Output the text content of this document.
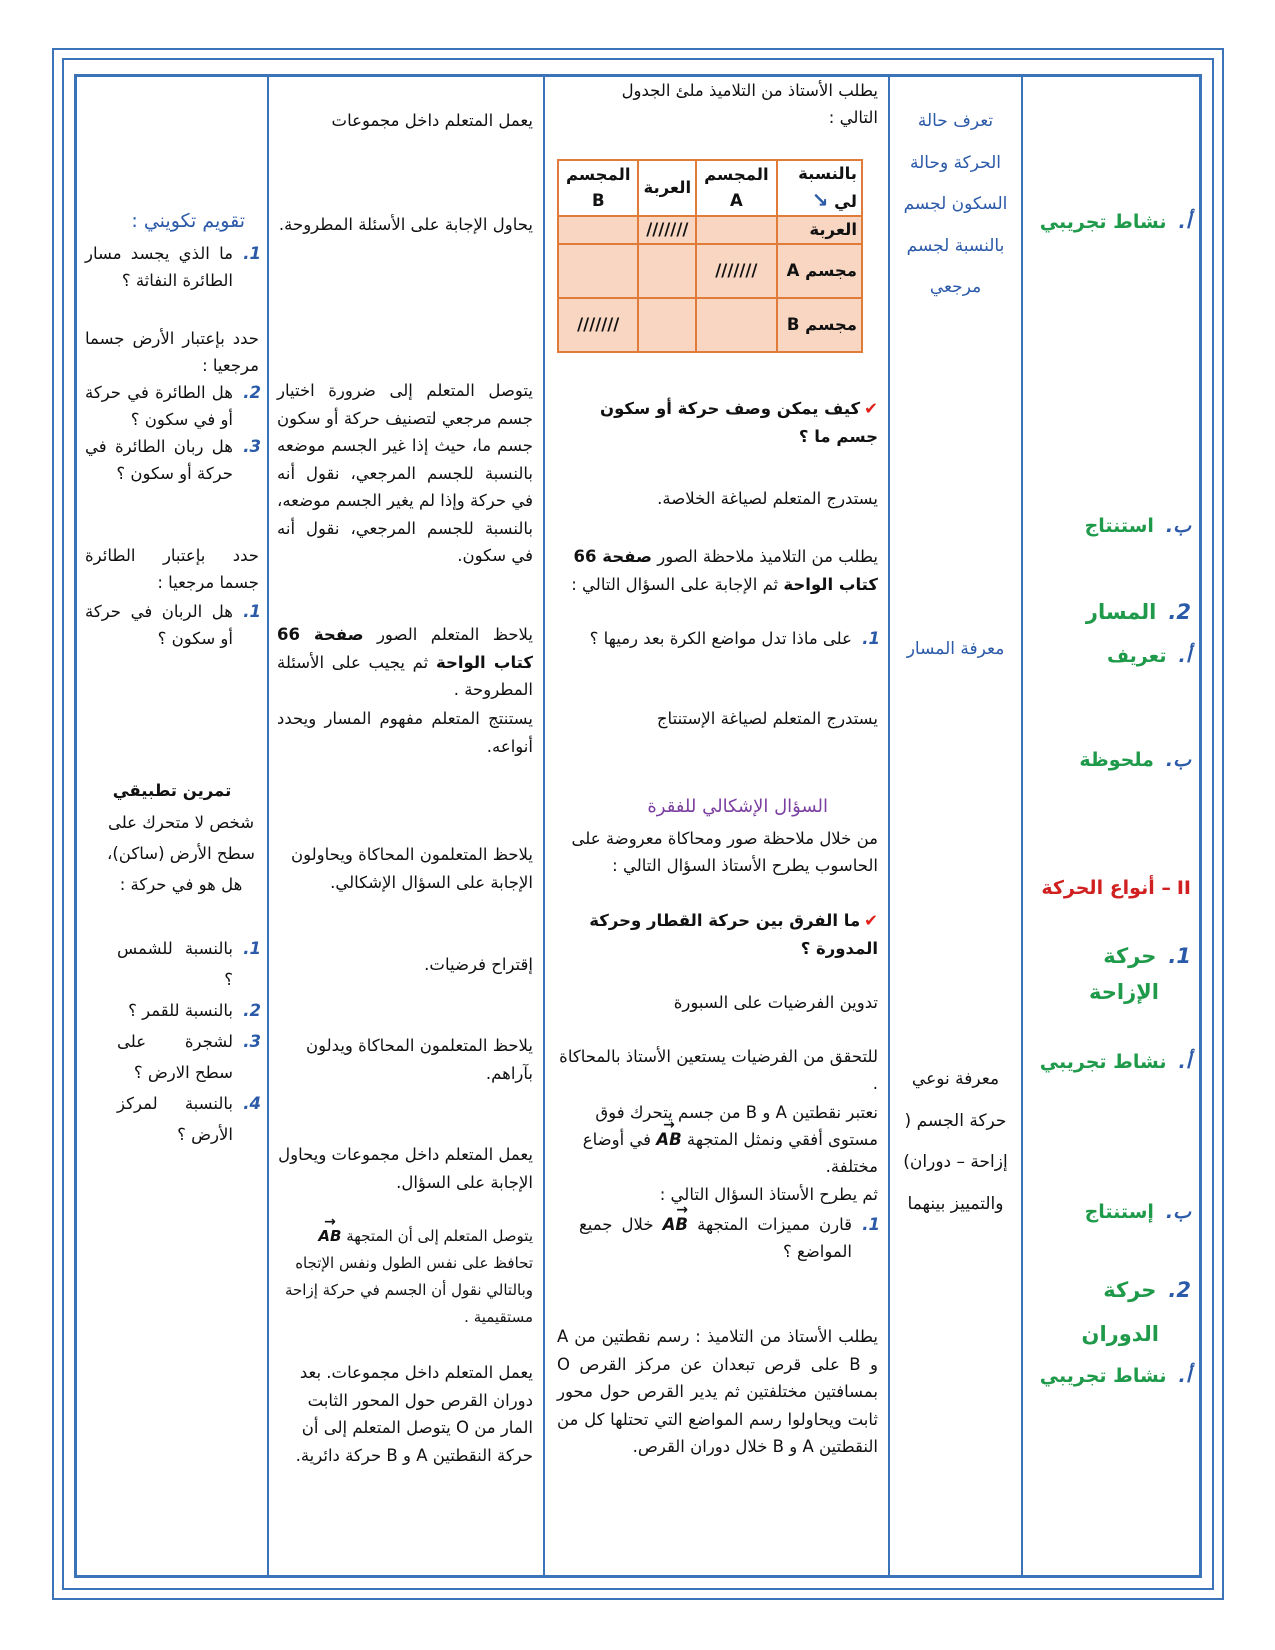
تقويم تكويني :
1.
ما الذي يجسد مسار الطائرة النفاثة ؟
حدد بإعتبار الأرض جسما مرجعيا :
2.
هل الطائرة في حركة أو في سكون ؟
3.
هل ربان الطائرة في حركة أو سكون ؟
حدد بإعتبار الطائرة جسما مرجعيا :
1.
هل الربان في حركة أو سكون ؟
تمرين تطبيقي
شخص لا متحرك على سطح الأرض (ساكن)، هل هو في حركة :
1.
بالنسبة للشمس ؟
2.
بالنسبة للقمر ؟
3.
لشجرة على سطح الارض ؟
4.
بالنسبة لمركز الأرض ؟
يعمل المتعلم داخل مجموعات
يحاول الإجابة على الأسئلة المطروحة.
يتوصل المتعلم إلى ضرورة اختيار جسم مرجعي لتصنيف حركة أو سكون جسم ما، حيث إذا غير الجسم موضعه بالنسبة للجسم المرجعي، نقول أنه في حركة وإذا لم يغير الجسم موضعه، بالنسبة للجسم المرجعي، نقول أنه في سكون.
يلاحظ المتعلم الصور صفحة 66 كتاب الواحة ثم يجيب على الأسئلة المطروحة .
يستنتج المتعلم مفهوم المسار ويحدد أنواعه.
يلاحظ المتعلمون المحاكاة ويحاولون الإجابة على السؤال الإشكالي.
إقتراح فرضيات.
يلاحظ المتعلمون المحاكاة ويدلون بآراهم.
يعمل المتعلم داخل مجموعات ويحاول الإجابة على السؤال.
يتوصل المتعلم إلى أن المتجهة → AB تحافظ على نفس الطول ونفس الإتجاه وبالتالي نقول أن الجسم في حركة إزاحة مستقيمية .
يعمل المتعلم داخل مجموعات. بعد دوران القرص حول المحور الثابت المار من O يتوصل المتعلم إلى أن حركة النقطتين A و B حركة دائرية.
يطلب الأستاذ من التلاميذ ملئ الجدول التالي :
بالنسبة لي ↘	المجسم A	العربة	المجسم B
العربة		///////	
مجسم A	///////		
مجسم B			///////
✔كيف يمكن وصف حركة أو سكون جسم ما ؟
يستدرج المتعلم لصياغة الخلاصة.
يطلب من التلاميذ ملاحظة الصور صفحة 66 كتاب الواحة ثم الإجابة على السؤال التالي :
1.
على ماذا تدل مواضع الكرة بعد رميها ؟
يستدرج المتعلم لصياغة الإستنتاج
السؤال الإشكالي للفقرة
من خلال ملاحظة صور ومحاكاة معروضة على الحاسوب يطرح الأستاذ السؤال التالي :
✔ما الفرق بين حركة القطار وحركة المدورة ؟
تدوين الفرضيات على السبورة
للتحقق من الفرضيات يستعين الأستاذ بالمحاكاة .
نعتبر نقطتين A و B من جسم يتحرك فوق مستوى أفقي ونمثل المتجهة → AB في أوضاع مختلفة.
ثم يطرح الأستاذ السؤال التالي :
1.
قارن مميزات المتجهة → AB خلال جميع المواضع ؟
يطلب الأستاذ من التلاميذ : رسم نقطتين من A و B على قرص تبعدان عن مركز القرص O بمسافتين مختلفتين ثم يدير القرص حول محور ثابت ويحاولوا رسم المواضع التي تحتلها كل من النقطتين A و B خلال دوران القرص.
تعرف حالة الحركة وحالة السكون لجسم بالنسبة لجسم مرجعي
معرفة المسار
معرفة نوعي حركة الجسم ( إزاحة – دوران) والتمييز بينهما
أ.نشاط تجريبي
ب.استنتاج
2.المسار
أ.تعريف
ب.ملحوظة
II– أنواع الحركة
1.حركة
الإزاحة
أ.نشاط تجريبي
ب.إستنتاج
2.حركة
الدوران
أ.نشاط تجريبي
